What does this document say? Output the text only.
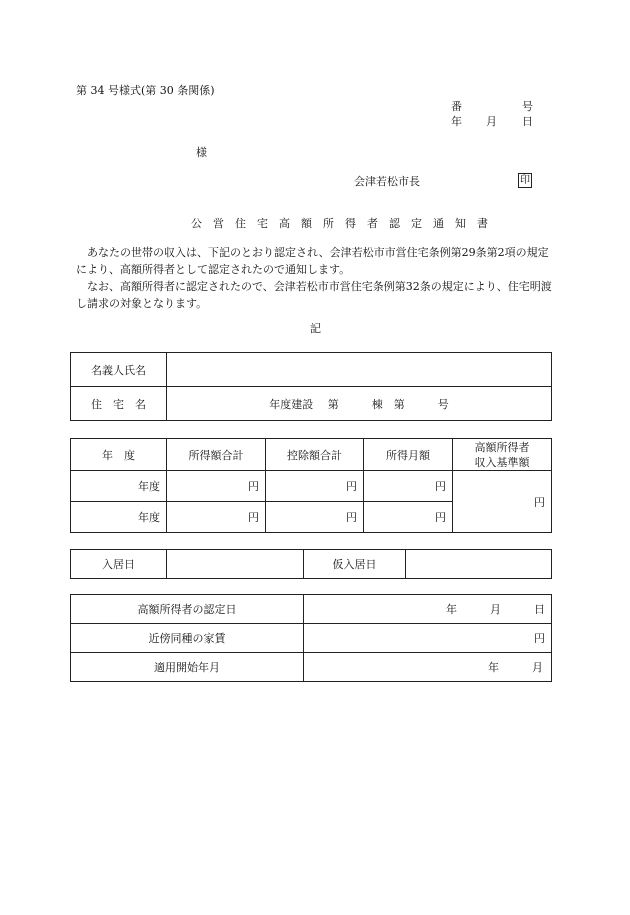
第 34 号様式(第 30 条関係)
番	号
年 月 日
様
会津若松市長	印
公営住宅高額所得者認定通知書

あなたの世帯の収入は、下記のとおり認定され、会津若松市市営住宅条例第29条第2項の規定により、高額所得者として認定されたので通知します。

なお、高額所得者に認定されたので、会津若松市市営住宅条例第32条の規定により、住宅明渡し請求の対象となります。

記
名義人氏名	
住　宅　名	年度建設　 第　　　棟　第　　　号
年　度	所得額合計	控除額合計	所得月額	高額所得者
収入基準額
年度	円	円	円	円
年度	円	円	円	
入居日		仮入居日	
高額所得者の認定日	年　　　月　　　日
近傍同種の家賃	円
適用開始年月	年　　　月
